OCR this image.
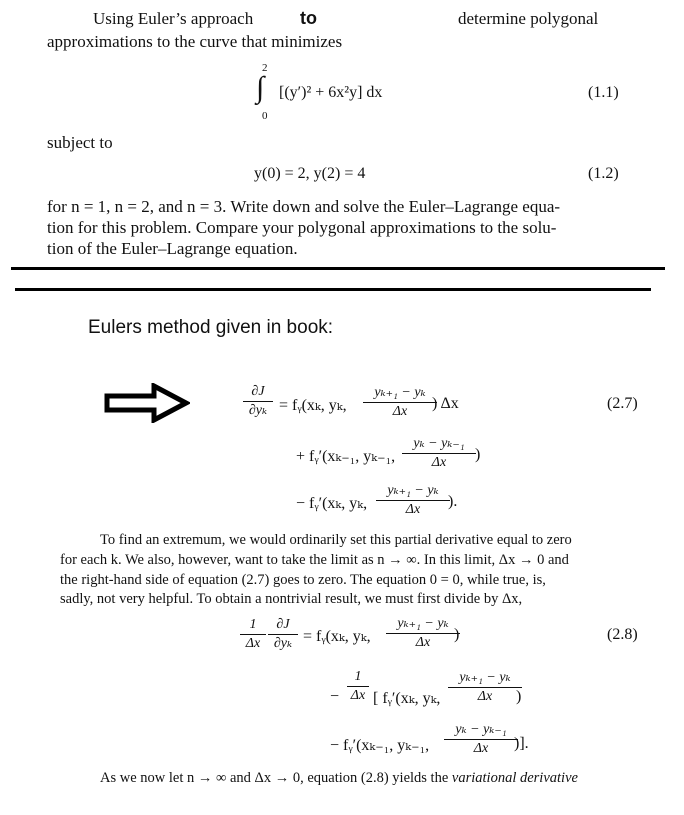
Using Euler’s approach	to	determine polygonal
approximations to the curve that minimizes
2
∫
0
[(y′)² + 6x²y] dx	(1.1)
subject to
y(0) = 2, y(2) = 4	(1.2)
for n = 1, n = 2, and n = 3. Write down and solve the Euler–Lagrange equa-
tion for this problem. Compare your polygonal approximations to the solu-
tion of the Euler–Lagrange equation.
Eulers method given in book:
∂J
∂yₖ = fᵧ(xₖ, yₖ,
yₖ₊₁ − yₖ
Δx	) Δx	(2.7)
+ fᵧ′(xₖ₋₁, yₖ₋₁,
yₖ − yₖ₋₁
Δx	)
− fᵧ′(xₖ, yₖ,
yₖ₊₁ − yₖ
Δx	).
To find an extremum, we would ordinarily set this partial derivative equal to zero
for each k. We also, however, want to take the limit as n → ∞. In this limit, Δx → 0 and
the right-hand side of equation (2.7) goes to zero. The equation 0 = 0, while true, is,
sadly, not very helpful. To obtain a nontrivial result, we must first divide by Δx,
1
Δx
∂J
∂yₖ = fᵧ(xₖ, yₖ,
yₖ₊₁ − yₖ
Δx	)	(2.8)
−
1
Δx [ fᵧ′(xₖ, yₖ,
yₖ₊₁ − yₖ
Δx	)
− fᵧ′(xₖ₋₁, yₖ₋₁,
yₖ − yₖ₋₁
Δx	)].
As we now let n → ∞ and Δx → 0, equation (2.8) yields the variational derivative
